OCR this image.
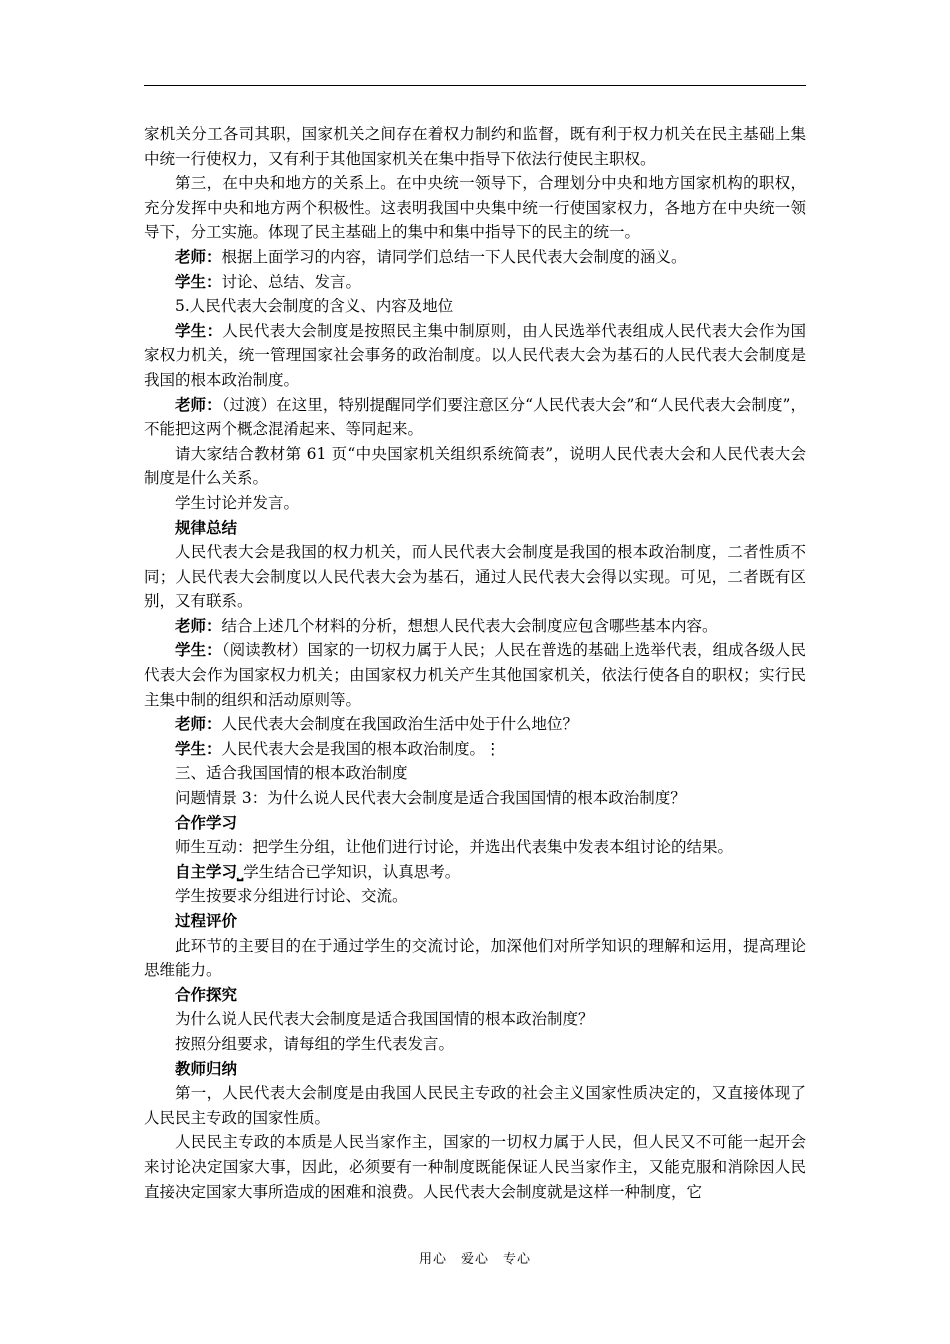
家机关分工各司其职，国家机关之间存在着权力制约和监督，既有利于权力机关在民主基础上集中统一行使权力，又有利于其他国家机关在集中指导下依法行使民主职权。

第三，在中央和地方的关系上。在中央统一领导下，合理划分中央和地方国家机构的职权，充分发挥中央和地方两个积极性。这表明我国中央集中统一行使国家权力，各地方在中央统一领导下，分工实施。体现了民主基础上的集中和集中指导下的民主的统一。

老师：根据上面学习的内容，请同学们总结一下人民代表大会制度的涵义。

学生：讨论、总结、发言。

5.人民代表大会制度的含义、内容及地位

学生：人民代表大会制度是按照民主集中制原则，由人民选举代表组成人民代表大会作为国家权力机关，统一管理国家社会事务的政治制度。以人民代表大会为基石的人民代表大会制度是我国的根本政治制度。

老师：（过渡）在这里，特别提醒同学们要注意区分“人民代表大会”和“人民代表大会制度”，不能把这两个概念混淆起来、等同起来。

请大家结合教材第 61 页“中央国家机关组织系统简表”，说明人民代表大会和人民代表大会制度是什么关系。

学生讨论并发言。

规律总结

人民代表大会是我国的权力机关，而人民代表大会制度是我国的根本政治制度，二者性质不同；人民代表大会制度以人民代表大会为基石，通过人民代表大会得以实现。可见，二者既有区别，又有联系。

老师：结合上述几个材料的分析，想想人民代表大会制度应包含哪些基本内容。

学生：（阅读教材）国家的一切权力属于人民；人民在普选的基础上选举代表，组成各级人民代表大会作为国家权力机关；由国家权力机关产生其他国家机关，依法行使各自的职权；实行民主集中制的组织和活动原则等。

老师：人民代表大会制度在我国政治生活中处于什么地位？

学生：人民代表大会是我国的根本政治制度。⋮

三、适合我国国情的根本政治制度

问题情景 3：为什么说人民代表大会制度是适合我国国情的根本政治制度？

合作学习

师生互动：把学生分组，让他们进行讨论，并选出代表集中发表本组讨论的结果。

自主学习⎵学生结合已学知识，认真思考。

学生按要求分组进行讨论、交流。

过程评价

此环节的主要目的在于通过学生的交流讨论，加深他们对所学知识的理解和运用，提高理论思维能力。

合作探究

为什么说人民代表大会制度是适合我国国情的根本政治制度？

按照分组要求，请每组的学生代表发言。

教师归纳

第一，人民代表大会制度是由我国人民民主专政的社会主义国家性质决定的，又直接体现了人民民主专政的国家性质。

人民民主专政的本质是人民当家作主，国家的一切权力属于人民，但人民又不可能一起开会来讨论决定国家大事，因此，必须要有一种制度既能保证人民当家作主，又能克服和消除因人民直接决定国家大事所造成的困难和浪费。人民代表大会制度就是这样一种制度，它

用心　爱心　专心
